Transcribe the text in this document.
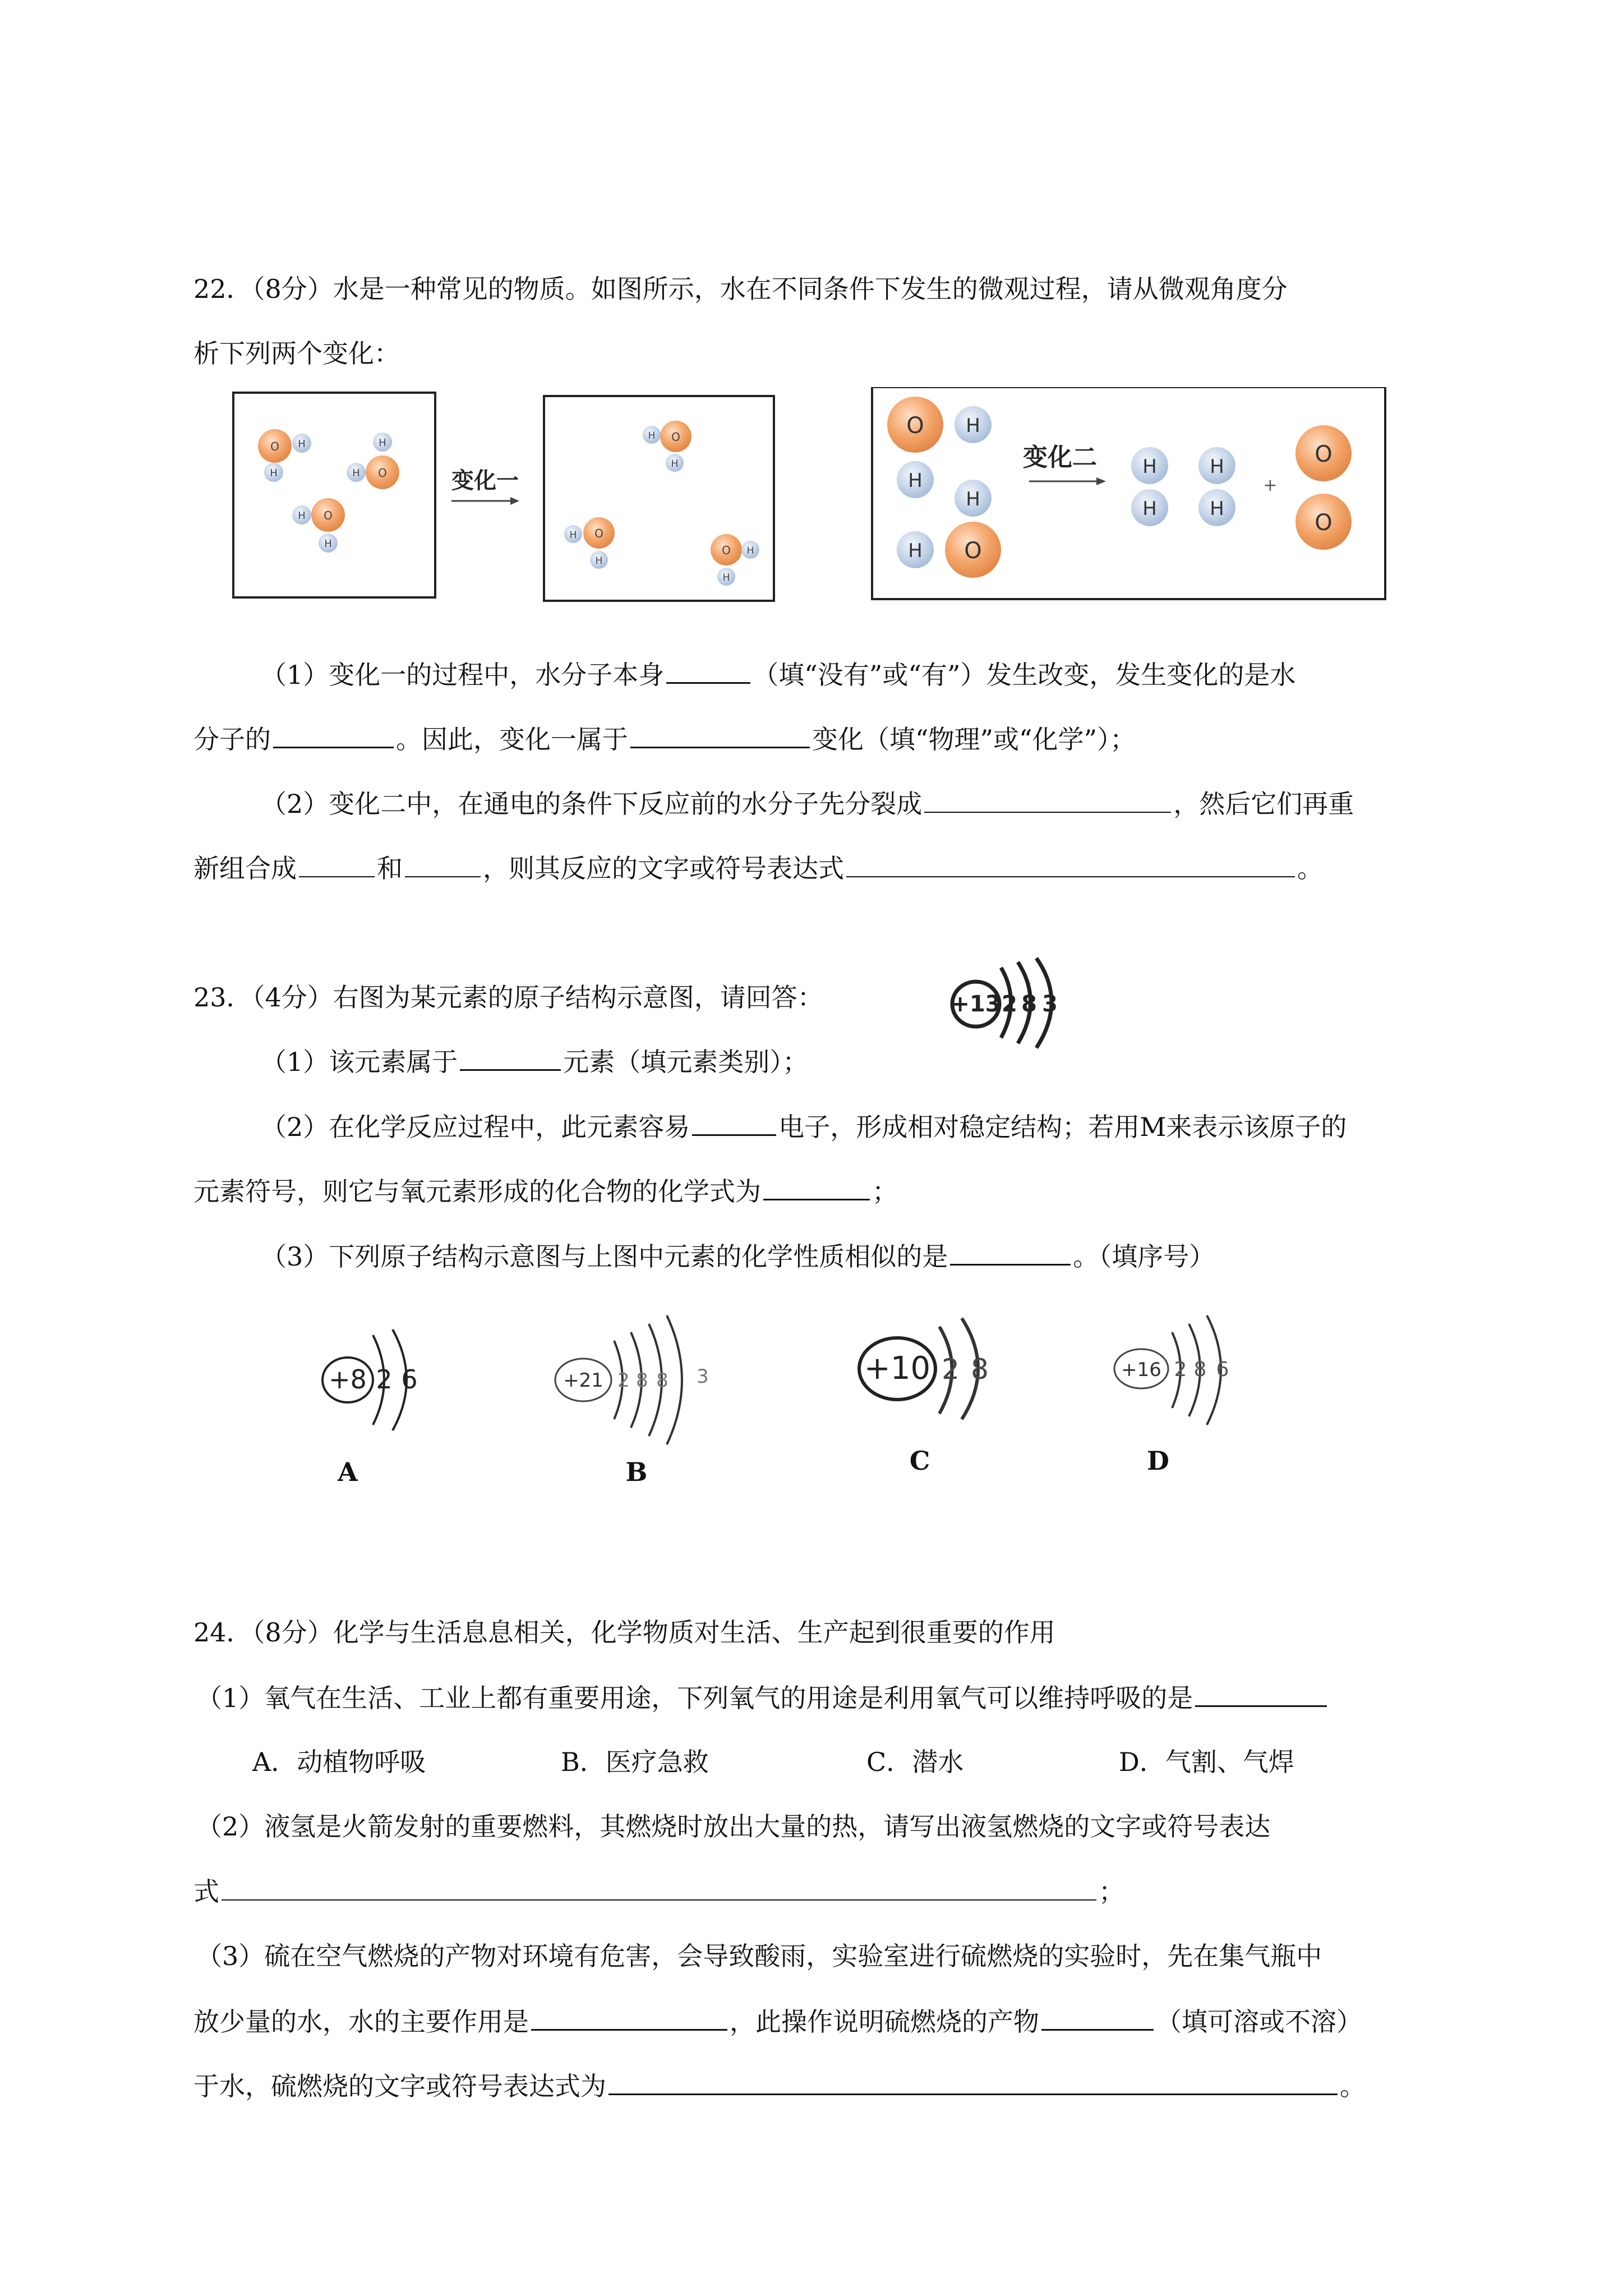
22．（8分）水是一种常见的物质。如图所示，水在不同条件下发生的微观过程，请从微观角度分
析下列两个变化：
O H
H	O
H
H
O
H
H
变化一
O
H
H
O
H
H
O H
H
O H
H
H
H O
变化二 H
H
H
H
+
O
O
（1）变化一的过程中，水分子本身	（填“没有”或“有”）发生改变，发生变化的是水
分子的	。因此，变化一属于	变化（填“物理”或“化学”）；
（2）变化二中，在通电的条件下反应前的水分子先分裂成	，然后它们再重
新组合成	和	，则其反应的文字或符号表达式	。
23．（4分）右图为某元素的原子结构示意图，请回答：	+13 2 8 3
（1）该元素属于	元素（填元素类别）；
（2）在化学反应过程中，此元素容易	电子，形成相对稳定结构；若用M来表示该原子的
元素符号，则它与氧元素形成的化合物的化学式为	；
（3）下列原子结构示意图与上图中元素的化学性质相似的是	。（填序号）
+8 2 6
A
+21 2 8 8 3
B
+10 2 8
C
+16 2 8 6
D
24．（8分）化学与生活息息相关，化学物质对生活、生产起到很重要的作用
（1）氧气在生活、工业上都有重要用途，下列氧气的用途是利用氧气可以维持呼吸的是
A．动植物呼吸	B．医疗急救	C．潜水	D．气割、气焊
（2）液氢是火箭发射的重要燃料，其燃烧时放出大量的热，请写出液氢燃烧的文字或符号表达
式	；
（3）硫在空气燃烧的产物对环境有危害，会导致酸雨，实验室进行硫燃烧的实验时，先在集气瓶中
放少量的水，水的主要作用是	，此操作说明硫燃烧的产物	（填可溶或不溶）
于水，硫燃烧的文字或符号表达式为	。
